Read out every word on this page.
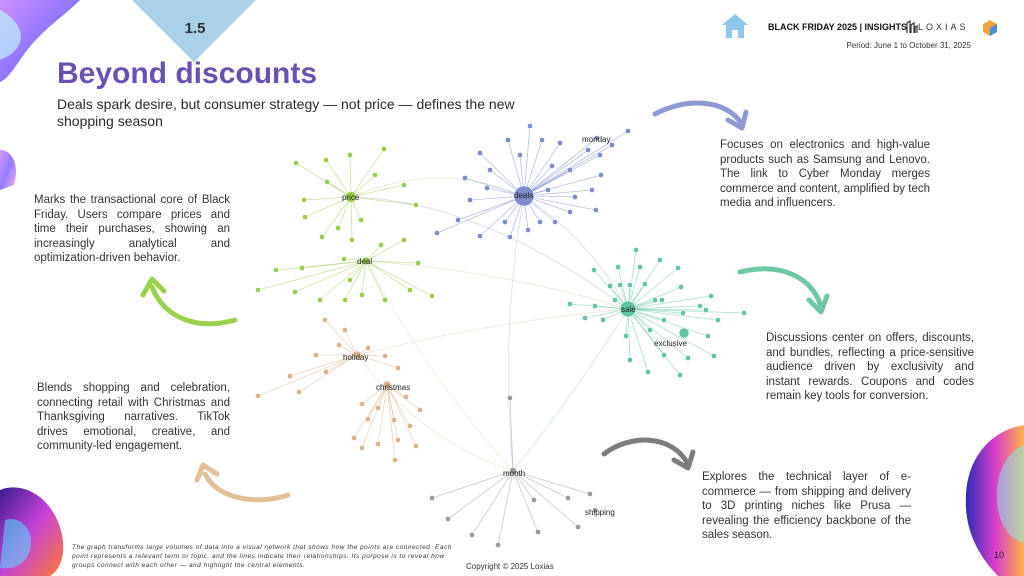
1.5	BLACK FRIDAY 2025 | INSIGHTS LOXIAS
Period: June 1 to October 31, 2025
Beyond discounts
Deals spark desire, but consumer strategy — not price — defines the new shopping season
price
deal
deals
monday
sale
exclusive
holiday
christmas
month
shipping
Marks the transactional core of Black Friday. Users compare prices and time their purchases, showing an increasingly analytical and optimization-driven behavior.
Blends shopping and celebration, connecting retail with Christmas and Thanksgiving narratives. TikTok drives emotional, creative, and community-led engagement.
Focuses on electronics and high-value products such as Samsung and Lenovo. The link to Cyber Monday merges commerce and content, amplified by tech media and influencers.
Discussions center on offers, discounts, and bundles, reflecting a price-sensitive audience driven by exclusivity and instant rewards. Coupons and codes remain key tools for conversion.
Explores the technical layer of e-commerce — from shipping and delivery to 3D printing niches like Prusa — revealing the efficiency backbone of the sales season.
The graph transforms large volumes of data into a visual network that shows how the points are connected. Each point represents a relevant term or topic, and the lines indicate their relationships. Its purpose is to reveal how groups connect with each other — and highlight the central elements.	Copyright © 2025 Loxias
10
